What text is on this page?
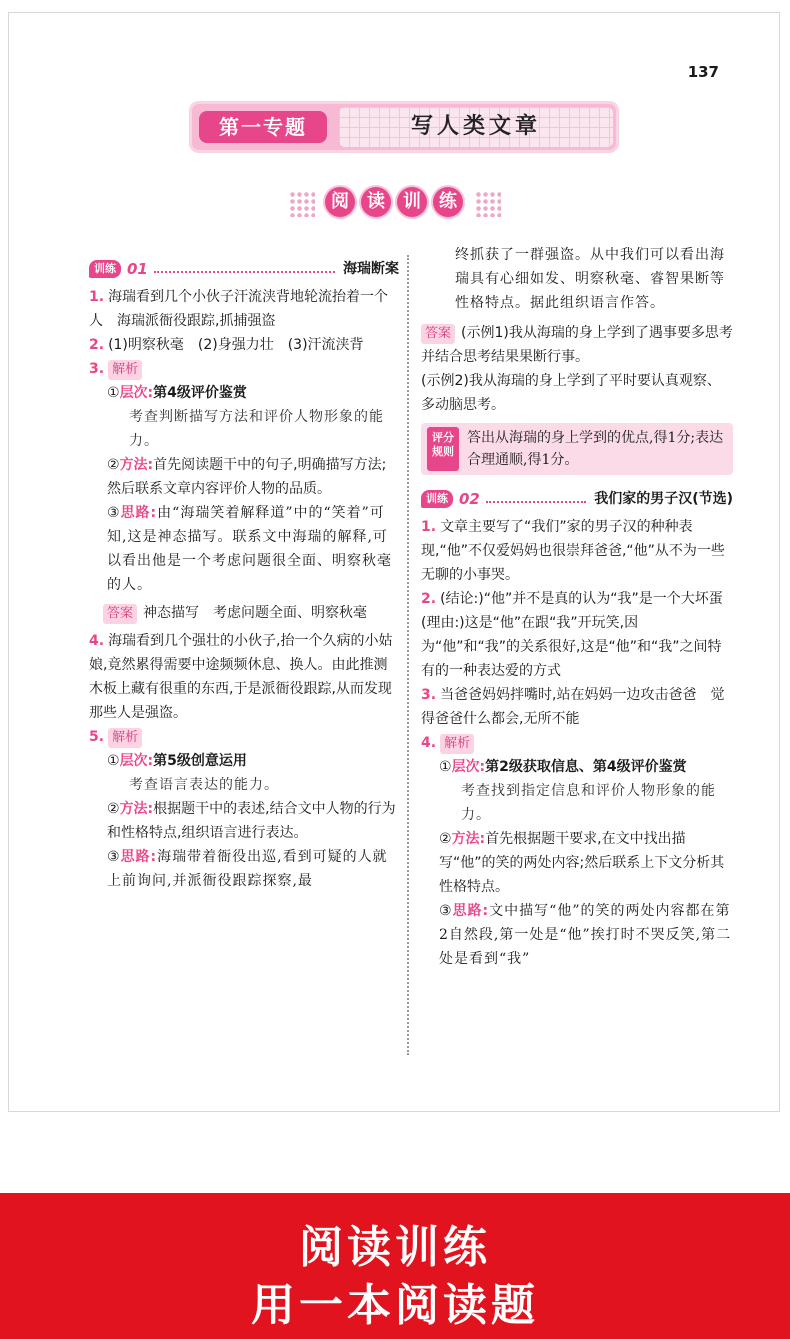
137
第一专题	写人类文章
阅	读	训	练
训练 01	海瑞断案

1. 海瑞看到几个小伙子汗流浃背地轮流抬着一个人　海瑞派衙役跟踪,抓捕强盗

2. (1)明察秋毫　(2)身强力壮　(3)汗流浃背

3. 解析

①层次:第4级评价鉴赏

考查判断描写方法和评价人物形象的能力。

②方法:首先阅读题干中的句子,明确描写方法;然后联系文章内容评价人物的品质。

③思路:由“海瑞笑着解释道”中的“笑着”可知,这是神态描写。联系文中海瑞的解释,可以看出他是一个考虑问题很全面、明察秋毫的人。

答案 神态描写　考虑问题全面、明察秋毫

4. 海瑞看到几个强壮的小伙子,抬一个久病的小姑娘,竟然累得需要中途频频休息、换人。由此推测木板上藏有很重的东西,于是派衙役跟踪,从而发现那些人是强盗。

5. 解析

①层次:第5级创意运用

考查语言表达的能力。

②方法:根据题干中的表述,结合文中人物的行为和性格特点,组织语言进行表达。

③思路:海瑞带着衙役出巡,看到可疑的人就上前询问,并派衙役跟踪探察,最

终抓获了一群强盗。从中我们可以看出海瑞具有心细如发、明察秋毫、睿智果断等性格特点。据此组织语言作答。

答案 (示例1)我从海瑞的身上学到了遇事要多思考并结合思考结果果断行事。

(示例2)我从海瑞的身上学到了平时要认真观察、多动脑思考。

评分规则
答出从海瑞的身上学到的优点,得1分;表达合理通顺,得1分。
训练 02	我们家的男子汉(节选)

1. 文章主要写了“我们”家的男子汉的种种表现,“他”不仅爱妈妈也很崇拜爸爸,“他”从不为一些无聊的小事哭。

2. (结论:)“他”并不是真的认为“我”是一个大坏蛋

(理由:)这是“他”在跟“我”开玩笑,因为“他”和“我”的关系很好,这是“他”和“我”之间特有的一种表达爱的方式

3. 当爸爸妈妈拌嘴时,站在妈妈一边攻击爸爸　觉得爸爸什么都会,无所不能

4. 解析

①层次:第2级获取信息、第4级评价鉴赏

考查找到指定信息和评价人物形象的能力。

②方法:首先根据题干要求,在文中找出描写“他”的笑的两处内容;然后联系上下文分析其性格特点。

③思路:文中描写“他”的笑的两处内容都在第2自然段,第一处是“他”挨打时不哭反笑,第二处是看到“我”

阅读训练
用一本阅读题
